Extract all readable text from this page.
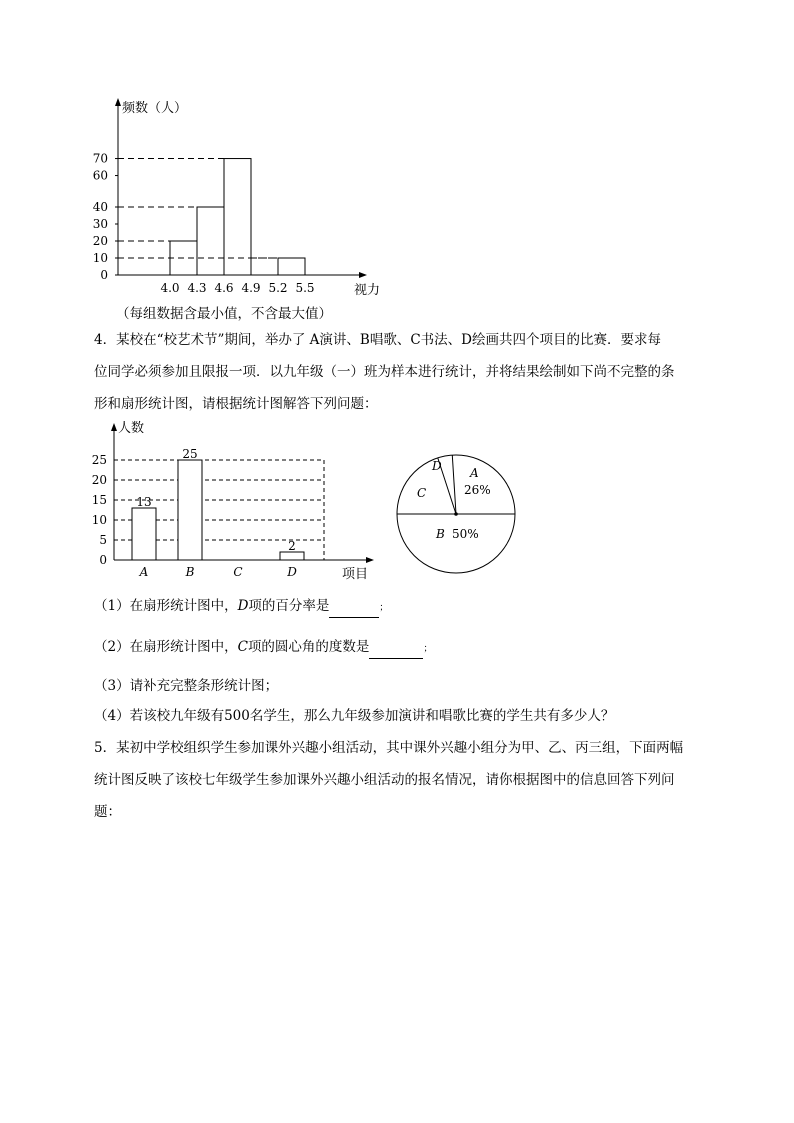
频数（人）
视力
0
10
20
30
40
60
70
4.0 4.3 4.6 4.9 5.2 5.5
（每组数据含最小值，不含最大值）
4．某校在“校艺术节”期间，举办了 A演讲、B唱歌、C书法、D绘画共四个项目的比赛．要求每
位同学必须参加且限报一项．以九年级（一）班为样本进行统计，并将结果绘制如下尚不完整的条
形和扇形统计图，请根据统计图解答下列问题：
人数
项目
0
5
10
15
20
25
A
13
B
25
C	D
2
A
26%
D
C
B 50%
（1）在扇形统计图中，D项的百分率是	；
（2）在扇形统计图中，C项的圆心角的度数是	；
（3）请补充完整条形统计图；
（4）若该校九年级有500名学生，那么九年级参加演讲和唱歌比赛的学生共有多少人？
5．某初中学校组织学生参加课外兴趣小组活动，其中课外兴趣小组分为甲、乙、丙三组，下面两幅
统计图反映了该校七年级学生参加课外兴趣小组活动的报名情况，请你根据图中的信息回答下列问
题：
